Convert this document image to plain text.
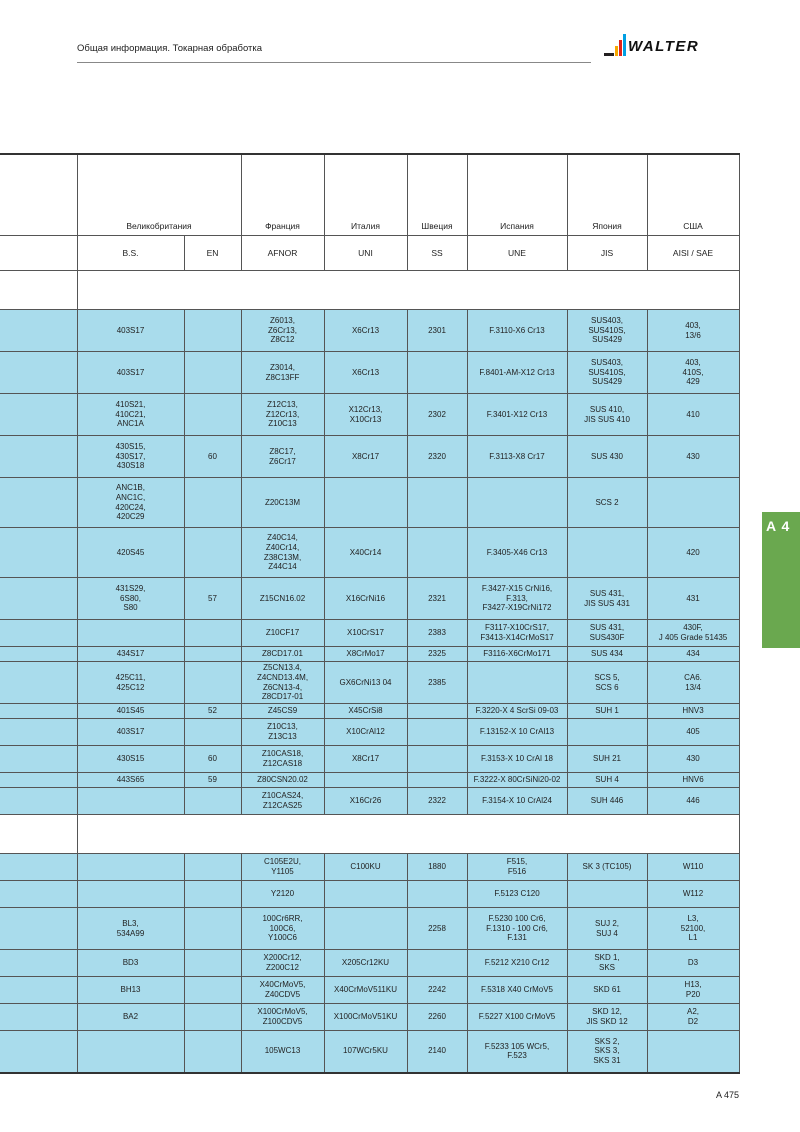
Общая информация. Токарная обработка	WALTER
	Великобритания		Франция	Италия	Швеция	Испания	Япония	США
	B.S.	EN	AFNOR	UNI	SS	UNE	JIS	AISI / SAE

	403S17		Z6013,
Z6Cr13,
Z8C12	X6Cr13	2301	F.3110-X6 Cr13	SUS403,
SUS410S,
SUS429	403,
13/6
	403S17		Z3014,
Z8C13FF	X6Cr13		F.8401-AM-X12 Cr13	SUS403,
SUS410S,
SUS429	403,
410S,
429
	410S21,
410C21,
ANC1A		Z12C13,
Z12Cr13,
Z10C13	X12Cr13,
X10Cr13	2302	F.3401-X12 Cr13	SUS 410,
JIS SUS 410	410
	430S15,
430S17,
430S18	60	Z8C17,
Z6Cr17	X8Cr17	2320	F.3113-X8 Cr17	SUS 430	430
	ANC1B,
ANC1C,
420C24,
420C29		Z20C13M				SCS 2	
	420S45		Z40C14,
Z40Cr14,
Z38C13M,
Z44C14	X40Cr14		F.3405-X46 Cr13		420
	431S29,
6S80,
S80	57	Z15CN16.02	X16CrNi16	2321	F.3427-X15 CrNi16,
F.313,
F3427-X19CrNi172	SUS 431,
JIS SUS 431	431
			Z10CF17	X10CrS17	2383	F3117-X10CrS17,
F3413-X14CrMoS17	SUS 431,
SUS430F	430F,
J 405 Grade 51435
	434S17		Z8CD17.01	X8CrMo17	2325	F3116-X6CrMo171	SUS 434	434
	425C11,
425C12		Z5CN13.4,
Z4CND13.4M,
Z6CN13-4,
Z8CD17-01	GX6CrNi13 04	2385		SCS 5,
SCS 6	CA6.
13/4
	401S45	52	Z45CS9	X45CrSi8		F.3220-X 4 ScrSi 09-03	SUH 1	HNV3
	403S17		Z10C13,
Z13C13	X10CrAl12		F.13152-X 10 CrAl13		405
	430S15	60	Z10CAS18,
Z12CAS18	X8Cr17		F.3153-X 10 CrAl 18	SUH 21	430
	443S65	59	Z80CSN20.02			F.3222-X 80CrSiNi20-02	SUH 4	HNV6
			Z10CAS24,
Z12CAS25	X16Cr26	2322	F.3154-X 10 CrAl24	SUH 446	446

			C105E2U,
Y1105	C100KU	1880	F515,
F516	SK 3 (TC105)	W110
			Y2120			F.5123 C120		W112
	BL3,
534A99		100Cr6RR,
100C6,
Y100C6		2258	F.5230 100 Cr6,
F.1310 - 100 Cr6,
F.131	SUJ 2,
SUJ 4	L3,
52100,
L1
	BD3		X200Cr12,
Z200C12	X205Cr12KU		F.5212 X210 Cr12	SKD 1,
SKS	D3
	BH13		X40CrMoV5,
Z40CDV5	X40CrMoV511KU	2242	F.5318 X40 CrMoV5	SKD 61	H13,
P20
	BA2		X100CrMoV5,
Z100CDV5	X100CrMoV51KU	2260	F.5227 X100 CrMoV5	SKD 12,
JIS SKD 12	A2,
D2
			105WC13	107WCr5KU	2140	F.5233 105 WCr5,
F.523	SKS 2,
SKS 3,
SKS 31	
A 4
A 475
